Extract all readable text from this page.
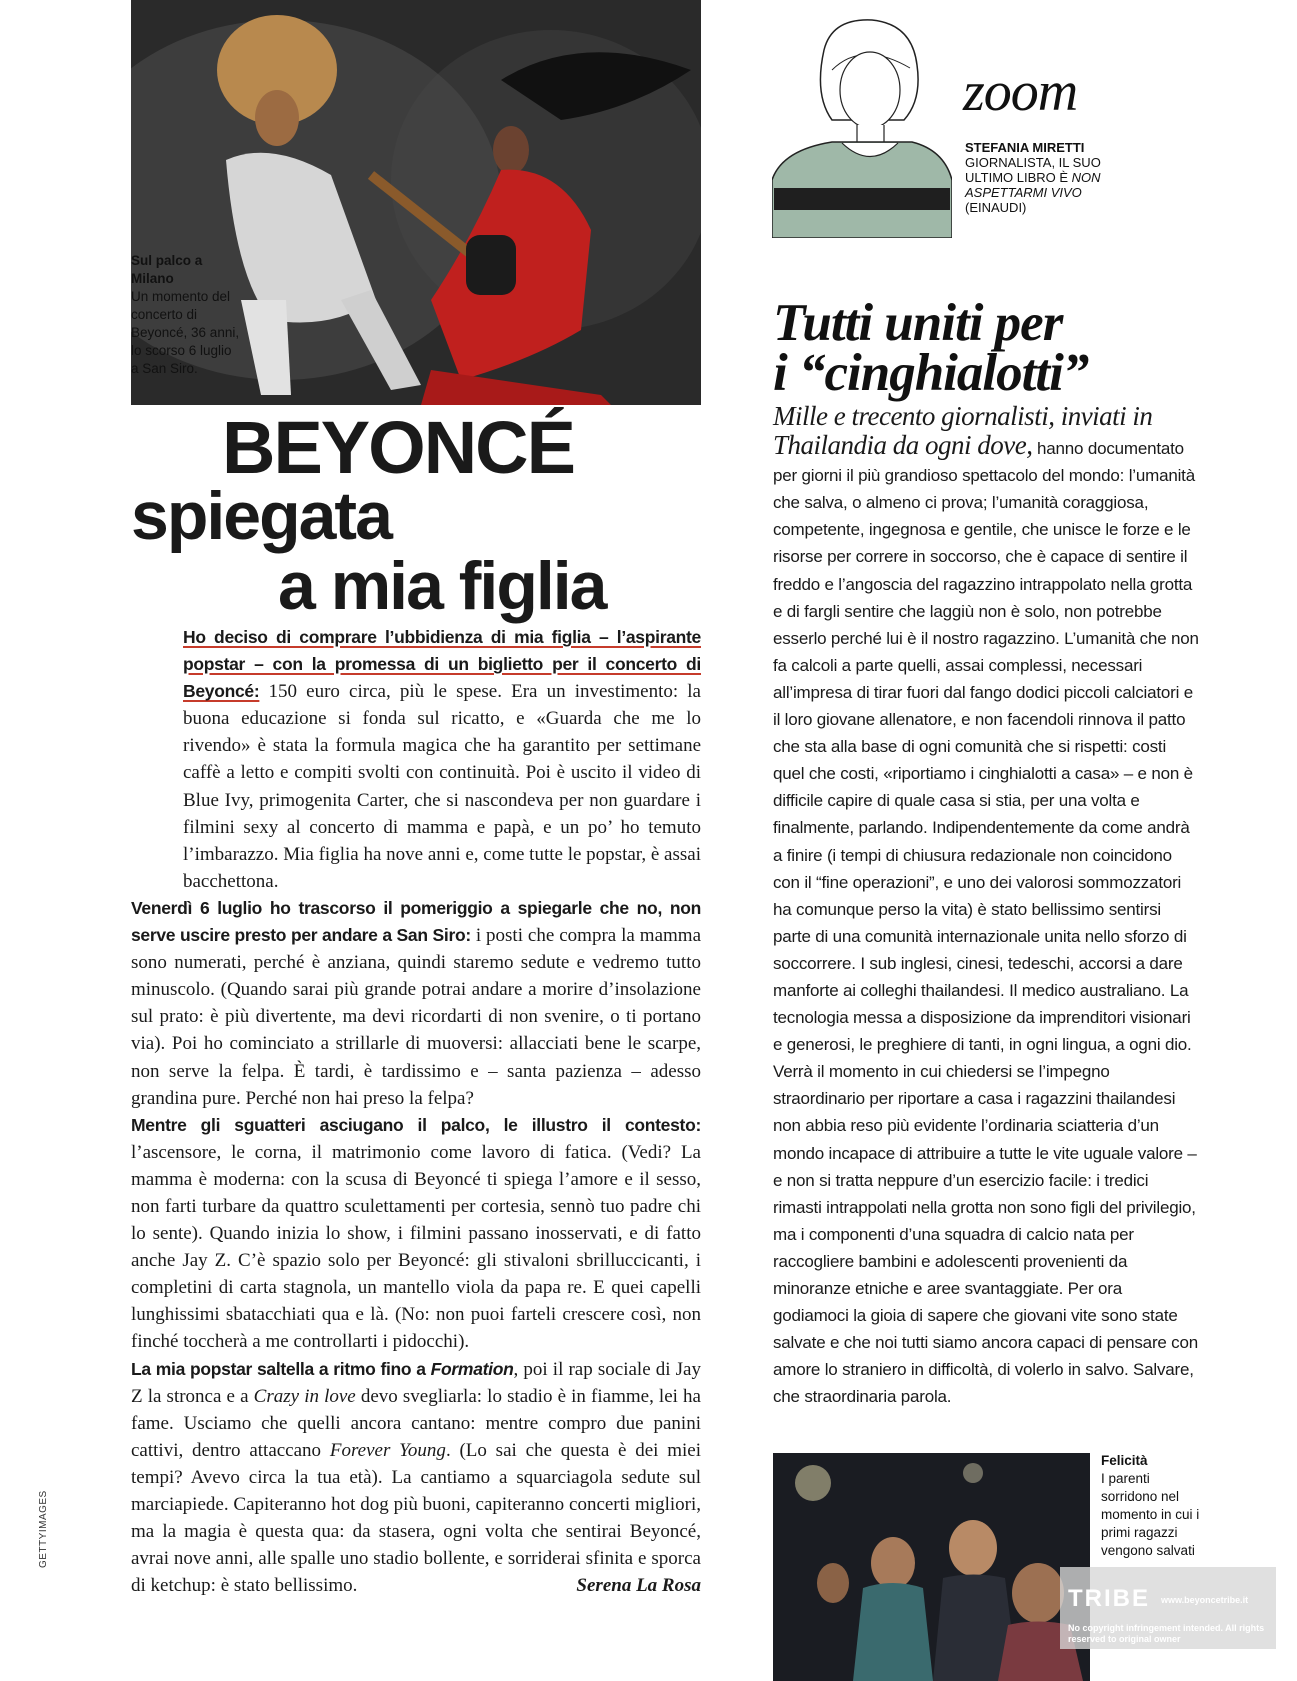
Sul palco a Milano
Un momento del concerto di Beyoncé, 36 anni, lo scorso 6 luglio a San Siro.
BEYONCÉ
spiegata
a mia figlia

Ho deciso di comprare l’ubbidienza di mia figlia – l’aspirante popstar – con la promessa di un biglietto per il concerto di Beyoncé: 150 euro circa, più le spese. Era un investimento: la buona educazione si fonda sul ricatto, e «Guarda che me lo rivendo» è stata la formula magica che ha garantito per settimane caffè a letto e compiti svolti con continuità. Poi è uscito il video di Blue Ivy, primogenita Carter, che si nascondeva per non guardare i filmini sexy al concerto di mamma e papà, e un po’ ho temuto l’imbarazzo. Mia figlia ha nove anni e, come tutte le popstar, è assai bacchettona.

Venerdì 6 luglio ho trascorso il pomeriggio a spiegarle che no, non serve uscire presto per andare a San Siro: i posti che compra la mamma sono numerati, perché è anziana, quindi staremo sedute e vedremo tutto minuscolo. (Quando sarai più grande potrai andare a morire d’insolazione sul prato: è più divertente, ma devi ricordarti di non svenire, o ti portano via). Poi ho cominciato a strillarle di muoversi: allacciati bene le scarpe, non serve la felpa. È tardi, è tardissimo e – santa pazienza – adesso grandina pure. Perché non hai preso la felpa?

Mentre gli sguatteri asciugano il palco, le illustro il contesto: l’ascensore, le corna, il matrimonio come lavoro di fatica. (Vedi? La mamma è moderna: con la scusa di Beyoncé ti spiega l’amore e il sesso, non farti turbare da quattro sculettamenti per cortesia, sennò tuo padre chi lo sente). Quando inizia lo show, i filmini passano inosservati, e di fatto anche Jay Z. C’è spazio solo per Beyoncé: gli stivaloni sbrilluccicanti, i completini di carta stagnola, un mantello viola da papa re. E quei capelli lunghissimi sbatacchiati qua e là. (No: non puoi farteli crescere così, non finché toccherà a me controllarti i pidocchi).

La mia popstar saltella a ritmo fino a Formation, poi il rap sociale di Jay Z la stronca e a Crazy in love devo svegliarla: lo stadio è in fiamme, lei ha fame. Usciamo che quelli ancora cantano: mentre compro due panini cattivi, dentro attaccano Forever Young. (Lo sai che questa è dei miei tempi? Avevo circa la tua età). La cantiamo a squarciagola sedute sul marciapiede. Capiteranno hot dog più buoni, capiteranno concerti migliori, ma la magia è questa qua: da stasera, ogni volta che sentirai Beyoncé, avrai nove anni, alle spalle uno stadio bollente, e sorriderai sfinita e sporca di ketchup: è stato bellissimo.	Serena La Rosa

GETTYIMAGES
zoom
STEFANIA MIRETTI
GIORNALISTA, IL SUO ULTIMO LIBRO È NON ASPETTARMI VIVO (EINAUDI)
Tutti uniti per
i “cinghialotti”
Mille e trecento giornalisti, inviati in Thailandia da ogni dove, hanno documentato per giorni il più grandioso spettacolo del mondo: l’umanità che salva, o almeno ci prova; l’umanità coraggiosa, competente, ingegnosa e gentile, che unisce le forze e le risorse per correre in soccorso, che è capace di sentire il freddo e l’angoscia del ragazzino intrappolato nella grotta e di fargli sentire che laggiù non è solo, non potrebbe esserlo perché lui è il nostro ragazzino. L’umanità che non fa calcoli a parte quelli, assai complessi, necessari all’impresa di tirar fuori dal fango dodici piccoli calciatori e il loro giovane allenatore, e non facendoli rinnova il patto che sta alla base di ogni comunità che si rispetti: costi quel che costi, «riportiamo i cinghialotti a casa» – e non è difficile capire di quale casa si stia, per una volta e finalmente, parlando. Indipendentemente da come andrà a finire (i tempi di chiusura redazionale non coincidono con il “fine operazioni”, e uno dei valorosi sommozzatori ha comunque perso la vita) è stato bellissimo sentirsi parte di una comunità internazionale unita nello sforzo di soccorrere. I sub inglesi, cinesi, tedeschi, accorsi a dare manforte ai colleghi thailandesi. Il medico australiano. La tecnologia messa a disposizione da imprenditori visionari e generosi, le preghiere di tanti, in ogni lingua, a ogni dio. Verrà il momento in cui chiedersi se l’impegno straordinario per riportare a casa i ragazzini thailandesi non abbia reso più evidente l’ordinaria sciatteria d’un mondo incapace di attribuire a tutte le vite uguale valore – e non si tratta neppure d’un esercizio facile: i tredici rimasti intrappolati nella grotta non sono figli del privilegio, ma i componenti d’una squadra di calcio nata per raccogliere bambini e adolescenti provenienti da minoranze etniche e aree svantaggiate. Per ora godiamoci la gioia di sapere che giovani vite sono state salvate e che noi tutti siamo ancora capaci di pensare con amore lo straniero in difficoltà, di volerlo in salvo. Salvare, che straordinaria parola.
Felicità
I parenti sorridono nel momento in cui i primi ragazzi vengono salvati
TRIBE www.beyoncetribe.it
No copyright infringement intended. All rights reserved to original owner
